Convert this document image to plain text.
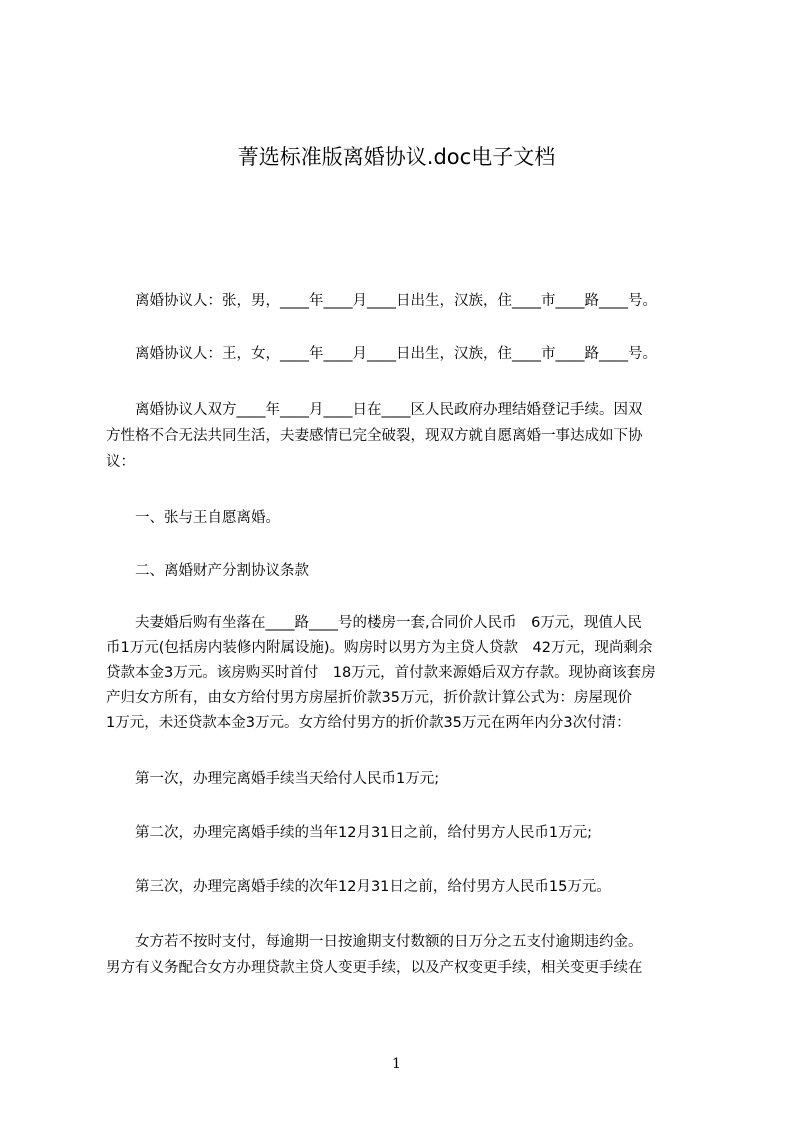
菁选标准版离婚协议.doc电子文档
　　离婚协议人：张，男，____年____月____日出生，汉族，住____市____路____号。
　　离婚协议人：王，女，____年____月____日出生，汉族，住____市____路____号。
　　离婚协议人双方____年____月____日在____区人民政府办理结婚登记手续。因双
方性格不合无法共同生活，夫妻感情已完全破裂，现双方就自愿离婚一事达成如下协
议：
　　一、张与王自愿离婚。
　　二、离婚财产分割协议条款
　　夫妻婚后购有坐落在____路____号的楼房一套,合同价人民币　6万元，现值人民
币1万元(包括房内装修内附属设施)。购房时以男方为主贷人贷款　42万元，现尚剩余
贷款本金3万元。该房购买时首付　18万元，首付款来源婚后双方存款。现协商该套房
产归女方所有，由女方给付男方房屋折价款35万元，折价款计算公式为：房屋现价
1万元，未还贷款本金3万元。女方给付男方的折价款35万元在两年内分3次付清：
　　第一次，办理完离婚手续当天给付人民币1万元;
　　第二次，办理完离婚手续的当年12月31日之前，给付男方人民币1万元;
　　第三次，办理完离婚手续的次年12月31日之前，给付男方人民币15万元。
　　女方若不按时支付，每逾期一日按逾期支付数额的日万分之五支付逾期违约金。
男方有义务配合女方办理贷款主贷人变更手续，以及产权变更手续，相关变更手续在
1
